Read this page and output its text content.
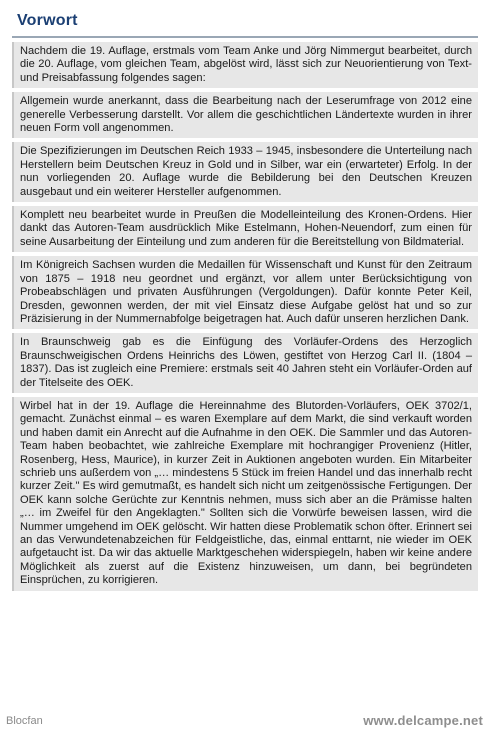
Vorwort
Nachdem die 19. Auflage, erstmals vom Team Anke und Jörg Nimmergut bearbeitet, durch die 20. Auflage, vom gleichen Team, abgelöst wird, lässt sich zur Neuorientierung von Text- und Preisabfassung folgendes sagen:
Allgemein wurde anerkannt, dass die Bearbeitung nach der Leserumfrage von 2012 eine generelle Verbesserung darstellt. Vor allem die geschichtlichen Ländertexte wurden in ihrer neuen Form voll angenommen.
Die Spezifizierungen im Deutschen Reich 1933 – 1945, insbesondere die Unterteilung nach Herstellern beim Deutschen Kreuz in Gold und in Silber, war ein (erwarteter) Erfolg. In der nun vorliegenden 20. Auflage wurde die Bebilderung bei den Deutschen Kreuzen ausgebaut und ein weiterer Hersteller aufgenommen.
Komplett neu bearbeitet wurde in Preußen die Modelleinteilung des Kronen-Ordens. Hier dankt das Autoren-Team ausdrücklich Mike Estelmann, Hohen-Neuendorf, zum einen für seine Ausarbeitung der Einteilung und zum anderen für die Bereitstellung von Bildmaterial.
Im Königreich Sachsen wurden die Medaillen für Wissenschaft und Kunst für den Zeitraum von 1875 – 1918 neu geordnet und ergänzt, vor allem unter Berücksichtigung von Probeabschlägen und privaten Ausführungen (Vergoldungen). Dafür konnte Peter Keil, Dresden, gewonnen werden, der mit viel Einsatz diese Aufgabe gelöst hat und so zur Präzisierung in der Nummernabfolge beigetragen hat. Auch dafür unseren herzlichen Dank.
In Braunschweig gab es die Einfügung des Vorläufer-Ordens des Herzoglich Braunschweigischen Ordens Heinrichs des Löwen, gestiftet von Herzog Carl II. (1804 – 1837). Das ist zugleich eine Premiere: erstmals seit 40 Jahren steht ein Vorläufer-Orden auf der Titelseite des OEK.
Wirbel hat in der 19. Auflage die Hereinnahme des Blutorden-Vorläufers, OEK 3702/1, gemacht. Zunächst einmal – es waren Exemplare auf dem Markt, die sind verkauft worden und haben damit ein Anrecht auf die Aufnahme in den OEK. Die Sammler und das Autoren-Team haben beobachtet, wie zahlreiche Exemplare mit hochrangiger Provenienz (Hitler, Rosenberg, Hess, Maurice), in kurzer Zeit in Auktionen angeboten wurden. Ein Mitarbeiter schrieb uns außerdem von „… mindestens 5 Stück im freien Handel und das innerhalb recht kurzer Zeit." Es wird gemutmaßt, es handelt sich nicht um zeitgenössische Fertigungen. Der OEK kann solche Gerüchte zur Kenntnis nehmen, muss sich aber an die Prämisse halten „… im Zweifel für den Angeklagten." Sollten sich die Vorwürfe beweisen lassen, wird die Nummer umgehend im OEK gelöscht. Wir hatten diese Problematik schon öfter. Erinnert sei an das Verwundetenabzeichen für Feldgeistliche, das, einmal enttarnt, nie wieder im OEK aufgetaucht ist. Da wir das aktuelle Marktgeschehen widerspiegeln, haben wir keine andere Möglichkeit als zuerst auf die Existenz hinzuweisen, um dann, bei begründeten Einsprüchen, zu korrigieren.
Blocfan	www.delcampe.net
